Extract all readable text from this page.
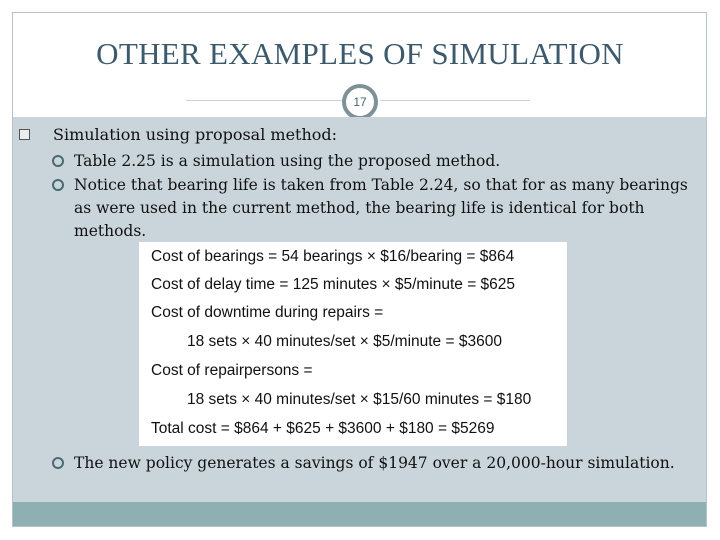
OTHER EXAMPLES OF SIMULATION
17
Simulation using proposal method:
Table 2.25 is a simulation using the proposed method.
Notice that bearing life is taken from Table 2.24, so that for as many bearings as were used in the current method, the bearing life is identical for both methods.
Cost of bearings = 54 bearings × $16/bearing = $864
Cost of delay time = 125 minutes × $5/minute = $625
Cost of downtime during repairs =
18 sets × 40 minutes/set × $5/minute = $3600
Cost of repairpersons =
18 sets × 40 minutes/set × $15/60 minutes = $180
Total cost = $864 + $625 + $3600 + $180 = $5269
The new policy generates a savings of $1947 over a 20,000-hour simulation.
